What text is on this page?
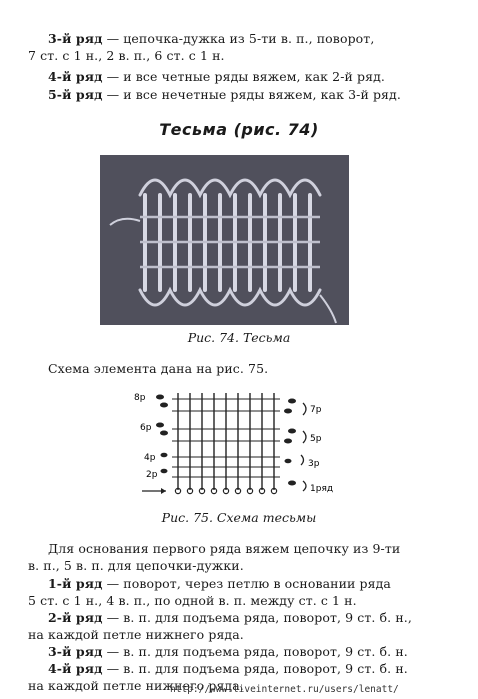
3-й ряд — цепочка-дужка из 5-ти в. п., поворот,
7 ст. с 1 н., 2 в. п., 6 ст. с 1 н.
4-й ряд — и все четные ряды вяжем, как 2-й ряд.
5-й ряд — и все нечетные ряды вяжем, как 3-й ряд.
Тесьма (рис. 74)
Рис. 74. Тесьма
Схема элемента дана на рис. 75.
8р
6р
4р
2р
7р
5р
3р
1ряд
Рис. 75. Схема тесьмы
Для основания первого ряда вяжем цепочку из 9-ти
в. п., 5 в. п. для цепочки-дужки.
1-й ряд — поворот, через петлю в основании ряда
5 ст. с 1 н., 4 в. п., по одной в. п. между ст. с 1 н.
2-й ряд — в. п. для подъема ряда, поворот, 9 ст. б. н.,
на каждой петле нижнего ряда.
3-й ряд — в. п. для подъема ряда, поворот, 9 ст. б. н.
4-й ряд — в. п. для подъема ряда, поворот, 9 ст. б. н.
на каждой петле нижнего ряда.
http://www.liveinternet.ru/users/lenatt/
